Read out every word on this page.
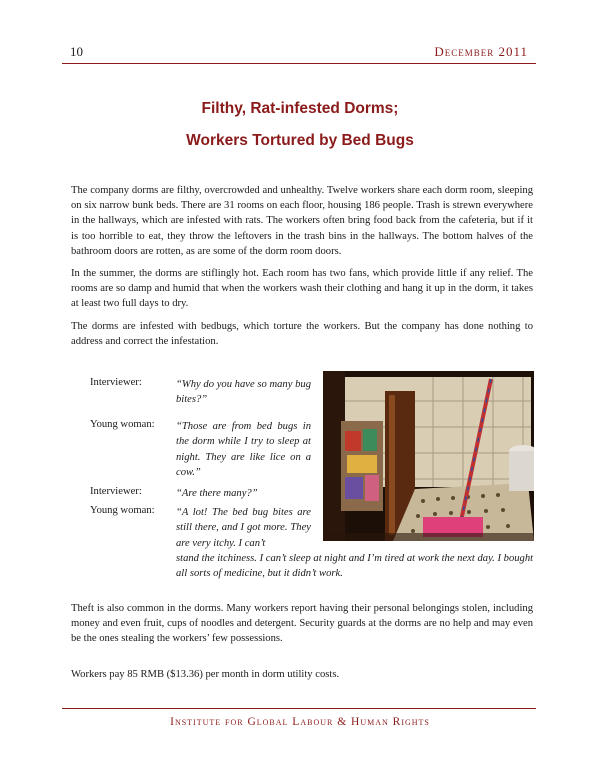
10	December 2011
Filthy, Rat-infested Dorms;
Workers Tortured by Bed Bugs

The company dorms are filthy, overcrowded and unhealthy. Twelve workers share each dorm room, sleeping on six narrow bunk beds. There are 31 rooms on each floor, housing 186 people. Trash is strewn everywhere in the hallways, which are infested with rats. The workers often bring food back from the cafeteria, but if it is too horrible to eat, they throw the leftovers in the trash bins in the hallways. The bottom halves of the bathroom doors are rotten, as are some of the dorm room doors.

In the summer, the dorms are stiflingly hot. Each room has two fans, which provide little if any relief. The rooms are so damp and humid that when the workers wash their clothing and hang it up in the dorm, it takes at least two full days to dry.

The dorms are infested with bedbugs, which torture the workers. But the company has done nothing to address and correct the infestation.

Interviewer:	“Why do you have so many bug bites?”

Young woman:	“Those are from bed bugs in the dorm while I try to sleep at night. They are like lice on a cow.”

Interviewer:	“Are there many?”

Young woman:	“A lot! The bed bug bites are still there, and I got more. They are very itchy. I can’t

stand the itchiness. I can’t sleep at night and I’m tired at work the next day. I bought all sorts of medicine, but it didn’t work.

Theft is also common in the dorms. Many workers report having their personal belongings stolen, including money and even fruit, cups of noodles and detergent. Security guards at the dorms are no help and may even be the ones stealing the workers’ few possessions.

Workers pay 85 RMB ($13.36) per month in dorm utility costs.

Institute for Global Labour & Human Rights
